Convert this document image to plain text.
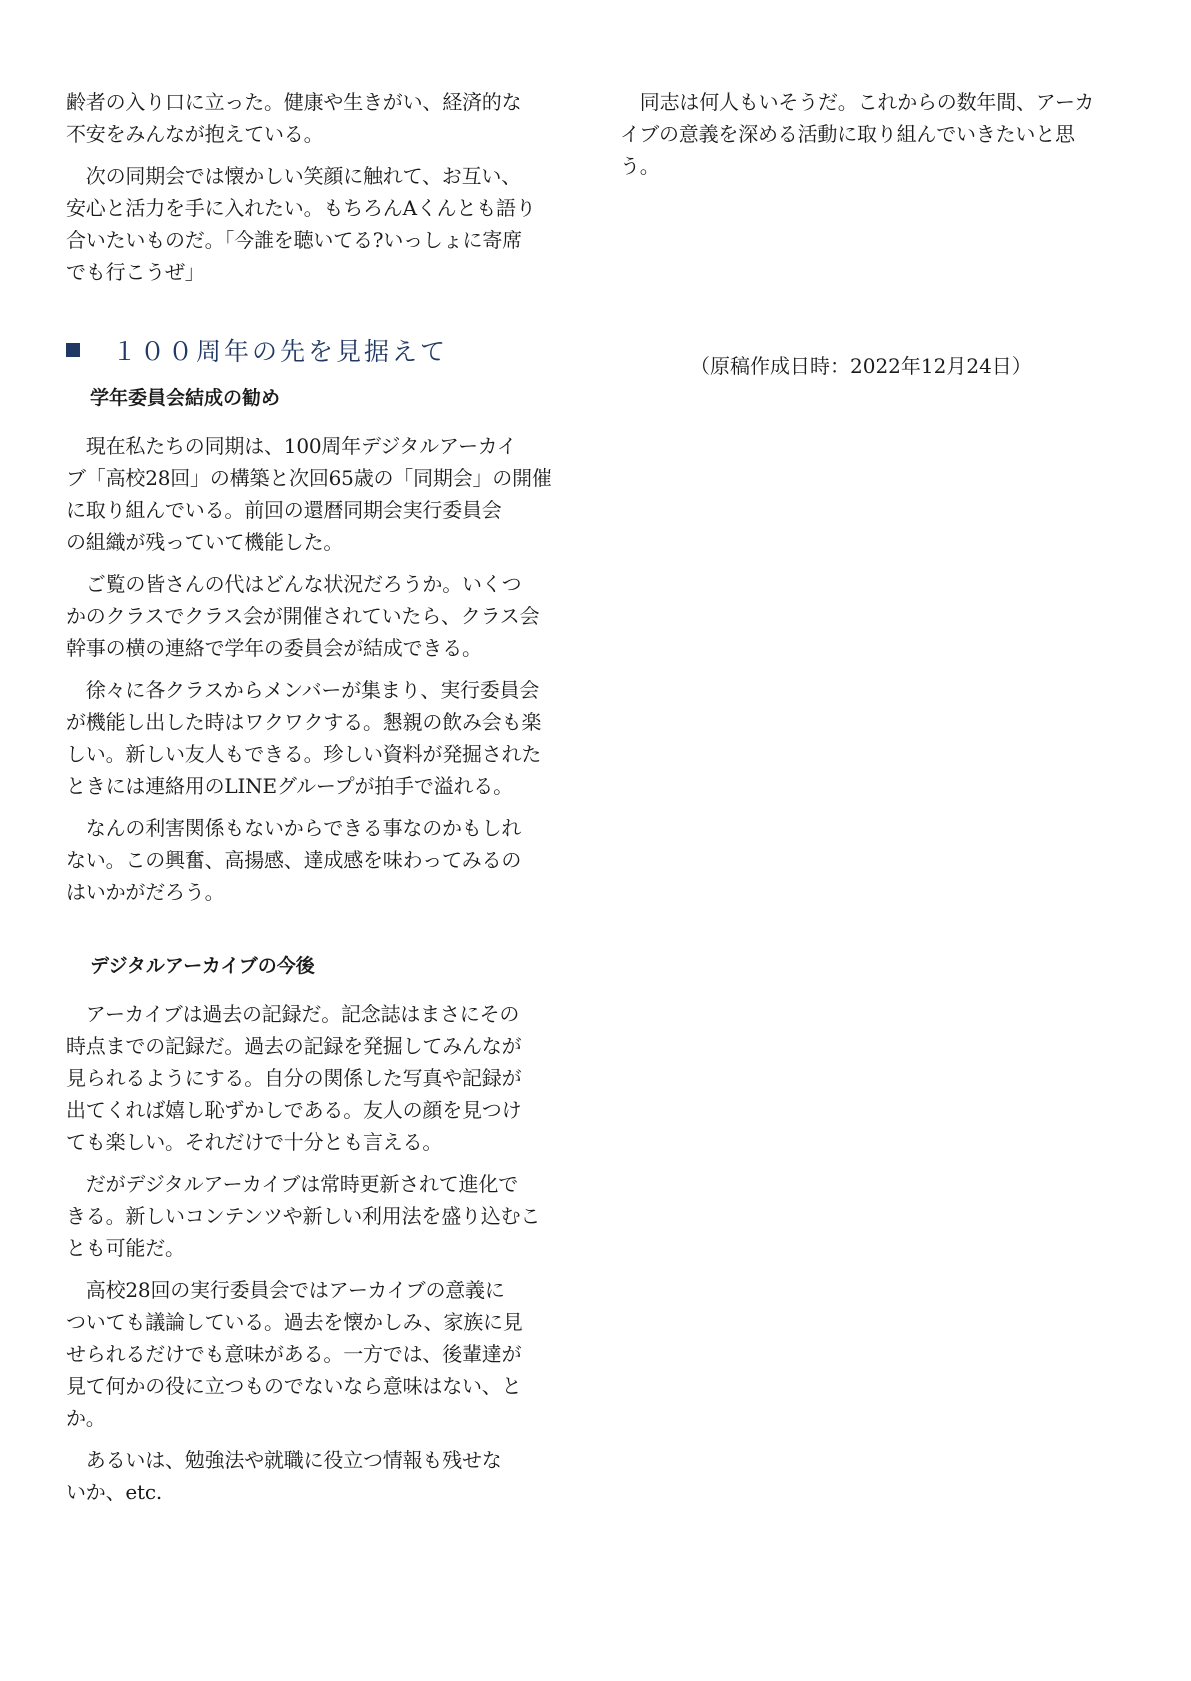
齢者の入り口に立った。健康や生きがい、経済的な
不安をみんなが抱えている。

　次の同期会では懐かしい笑顔に触れて、お互い、
安心と活力を手に入れたい。もちろんAくんとも語り
合いたいものだ。「今誰を聴いてる?いっしょに寄席
でも行こうぜ」

１００周年の先を見据えて
学年委員会結成の勧め

　現在私たちの同期は、100周年デジタルアーカイ
ブ「高校28回」の構築と次回65歳の「同期会」の開催
に取り組んでいる。前回の還暦同期会実行委員会
の組織が残っていて機能した。

　ご覧の皆さんの代はどんな状況だろうか。いくつ
かのクラスでクラス会が開催されていたら、クラス会
幹事の横の連絡で学年の委員会が結成できる。

　徐々に各クラスからメンバーが集まり、実行委員会
が機能し出した時はワクワクする。懇親の飲み会も楽
しい。新しい友人もできる。珍しい資料が発掘された
ときには連絡用のLINEグループが拍手で溢れる。

　なんの利害関係もないからできる事なのかもしれ
ない。この興奮、高揚感、達成感を味わってみるの
はいかがだろう。

デジタルアーカイブの今後

　アーカイブは過去の記録だ。記念誌はまさにその
時点までの記録だ。過去の記録を発掘してみんなが
見られるようにする。自分の関係した写真や記録が
出てくれば嬉し恥ずかしである。友人の顔を見つけ
ても楽しい。それだけで十分とも言える。

　だがデジタルアーカイブは常時更新されて進化で
きる。新しいコンテンツや新しい利用法を盛り込むこ
とも可能だ。

　高校28回の実行委員会ではアーカイブの意義に
ついても議論している。過去を懐かしみ、家族に見
せられるだけでも意味がある。一方では、後輩達が
見て何かの役に立つものでないなら意味はない、と
か。

　あるいは、勉強法や就職に役立つ情報も残せな
いか、etc.

　同志は何人もいそうだ。これからの数年間、アーカ
イブの意義を深める活動に取り組んでいきたいと思
う。

（原稿作成日時：2022年12月24日）
